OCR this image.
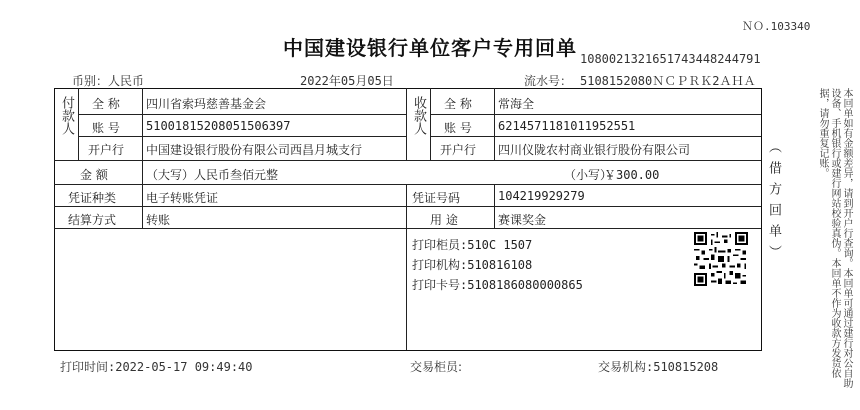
ＮＯ.103340
中国建设银行单位客户专用回单 1080021321651743448244791
币别： 人民币	2022年05月05日	流水号： 5108152080ＮＣＰＲＫ2ＡＨＡ
付款人 全 称 四川省索玛慈善基金会
账 号 51001815208051506397
开户行 中国建设银行股份有限公司西昌月城支行
收款人 全 称 常海全
账 号 6214571181011952551
开户行 四川仪陇农村商业银行股份有限公司
金 额	（大写）人民币叁佰元整	（小写）
￥300.00
凭证种类 电子转账凭证	凭证号码	104219929279
结算方式 转账	用 途	赛课奖金
打印柜员:510C 1507
打印机构:510816108
打印卡号:5108186080000865
（借方回单）	本回单如有金额差异，请到开户行查询。本回单可通过建行对公自助设备、手机银行或建行网站校验真伪。本回单不作为收款方发货依据，请勿重复记账。
打印时间:2022-05-17 09:49:40	交易柜员:	交易机构:510815208
